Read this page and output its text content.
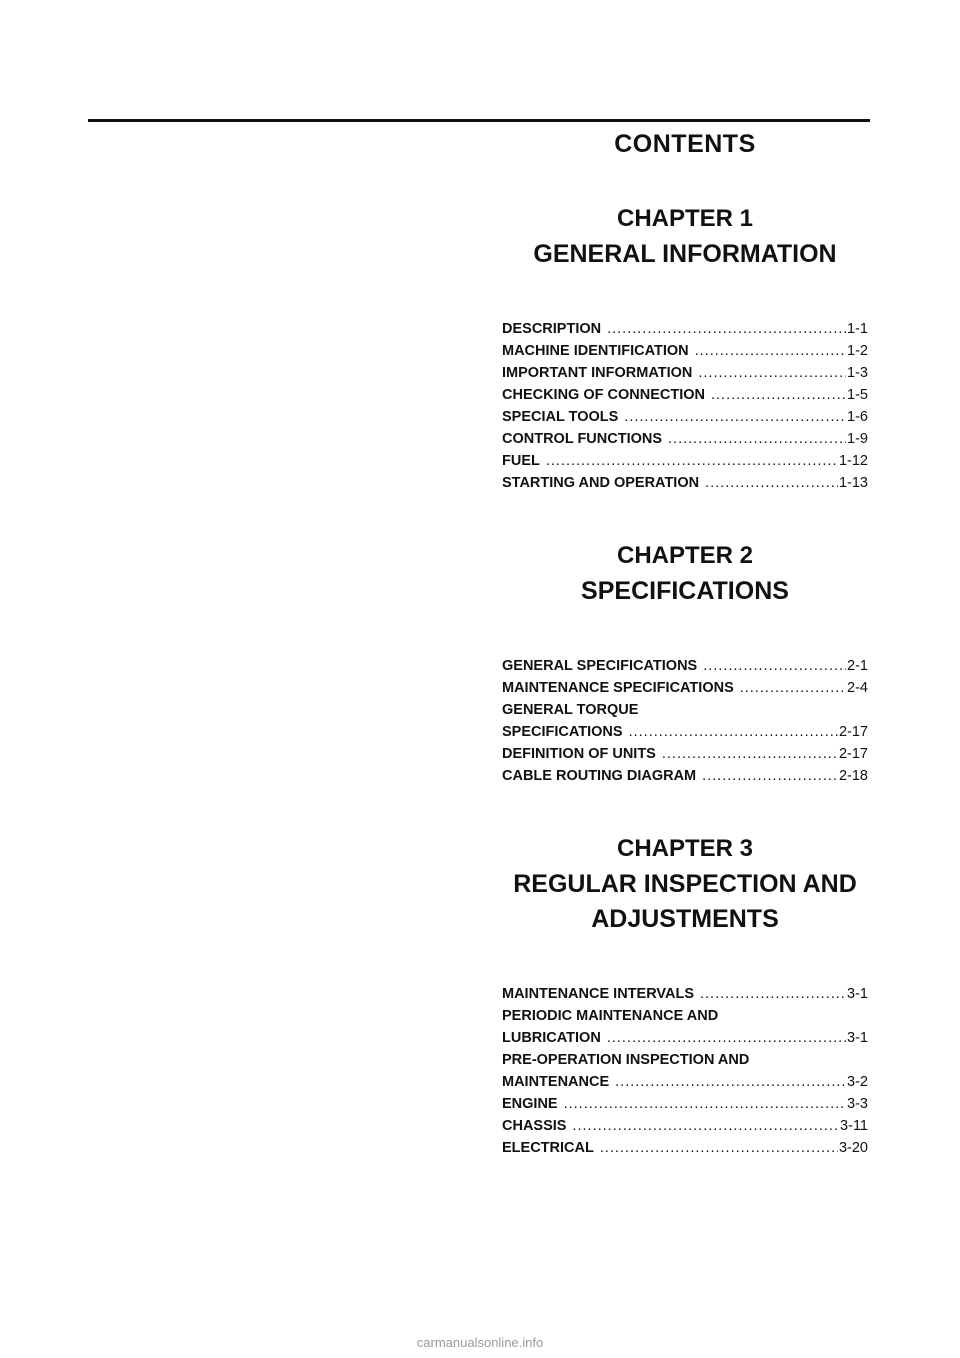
CONTENTS
CHAPTER 1
GENERAL INFORMATION
DESCRIPTION .....	1-1
MACHINE IDENTIFICATION .....	1-2
IMPORTANT INFORMATION .....	1-3
CHECKING OF CONNECTION .....	1-5
SPECIAL TOOLS .....	1-6
CONTROL FUNCTIONS .....	1-9
FUEL .....	1-12
STARTING AND OPERATION .....	1-13
CHAPTER 2
SPECIFICATIONS
GENERAL SPECIFICATIONS .....	2-1
MAINTENANCE SPECIFICATIONS .....	2-4
GENERAL TORQUE
SPECIFICATIONS .....	2-17
DEFINITION OF UNITS .....	2-17
CABLE ROUTING DIAGRAM .....	2-18
CHAPTER 3
REGULAR INSPECTION AND
ADJUSTMENTS
MAINTENANCE INTERVALS .....	3-1
PERIODIC MAINTENANCE AND
LUBRICATION .....	3-1
PRE-OPERATION INSPECTION AND
MAINTENANCE .....	3-2
ENGINE .....	3-3
CHASSIS .....	3-11
ELECTRICAL .....	3-20
carmanualsonline.info
